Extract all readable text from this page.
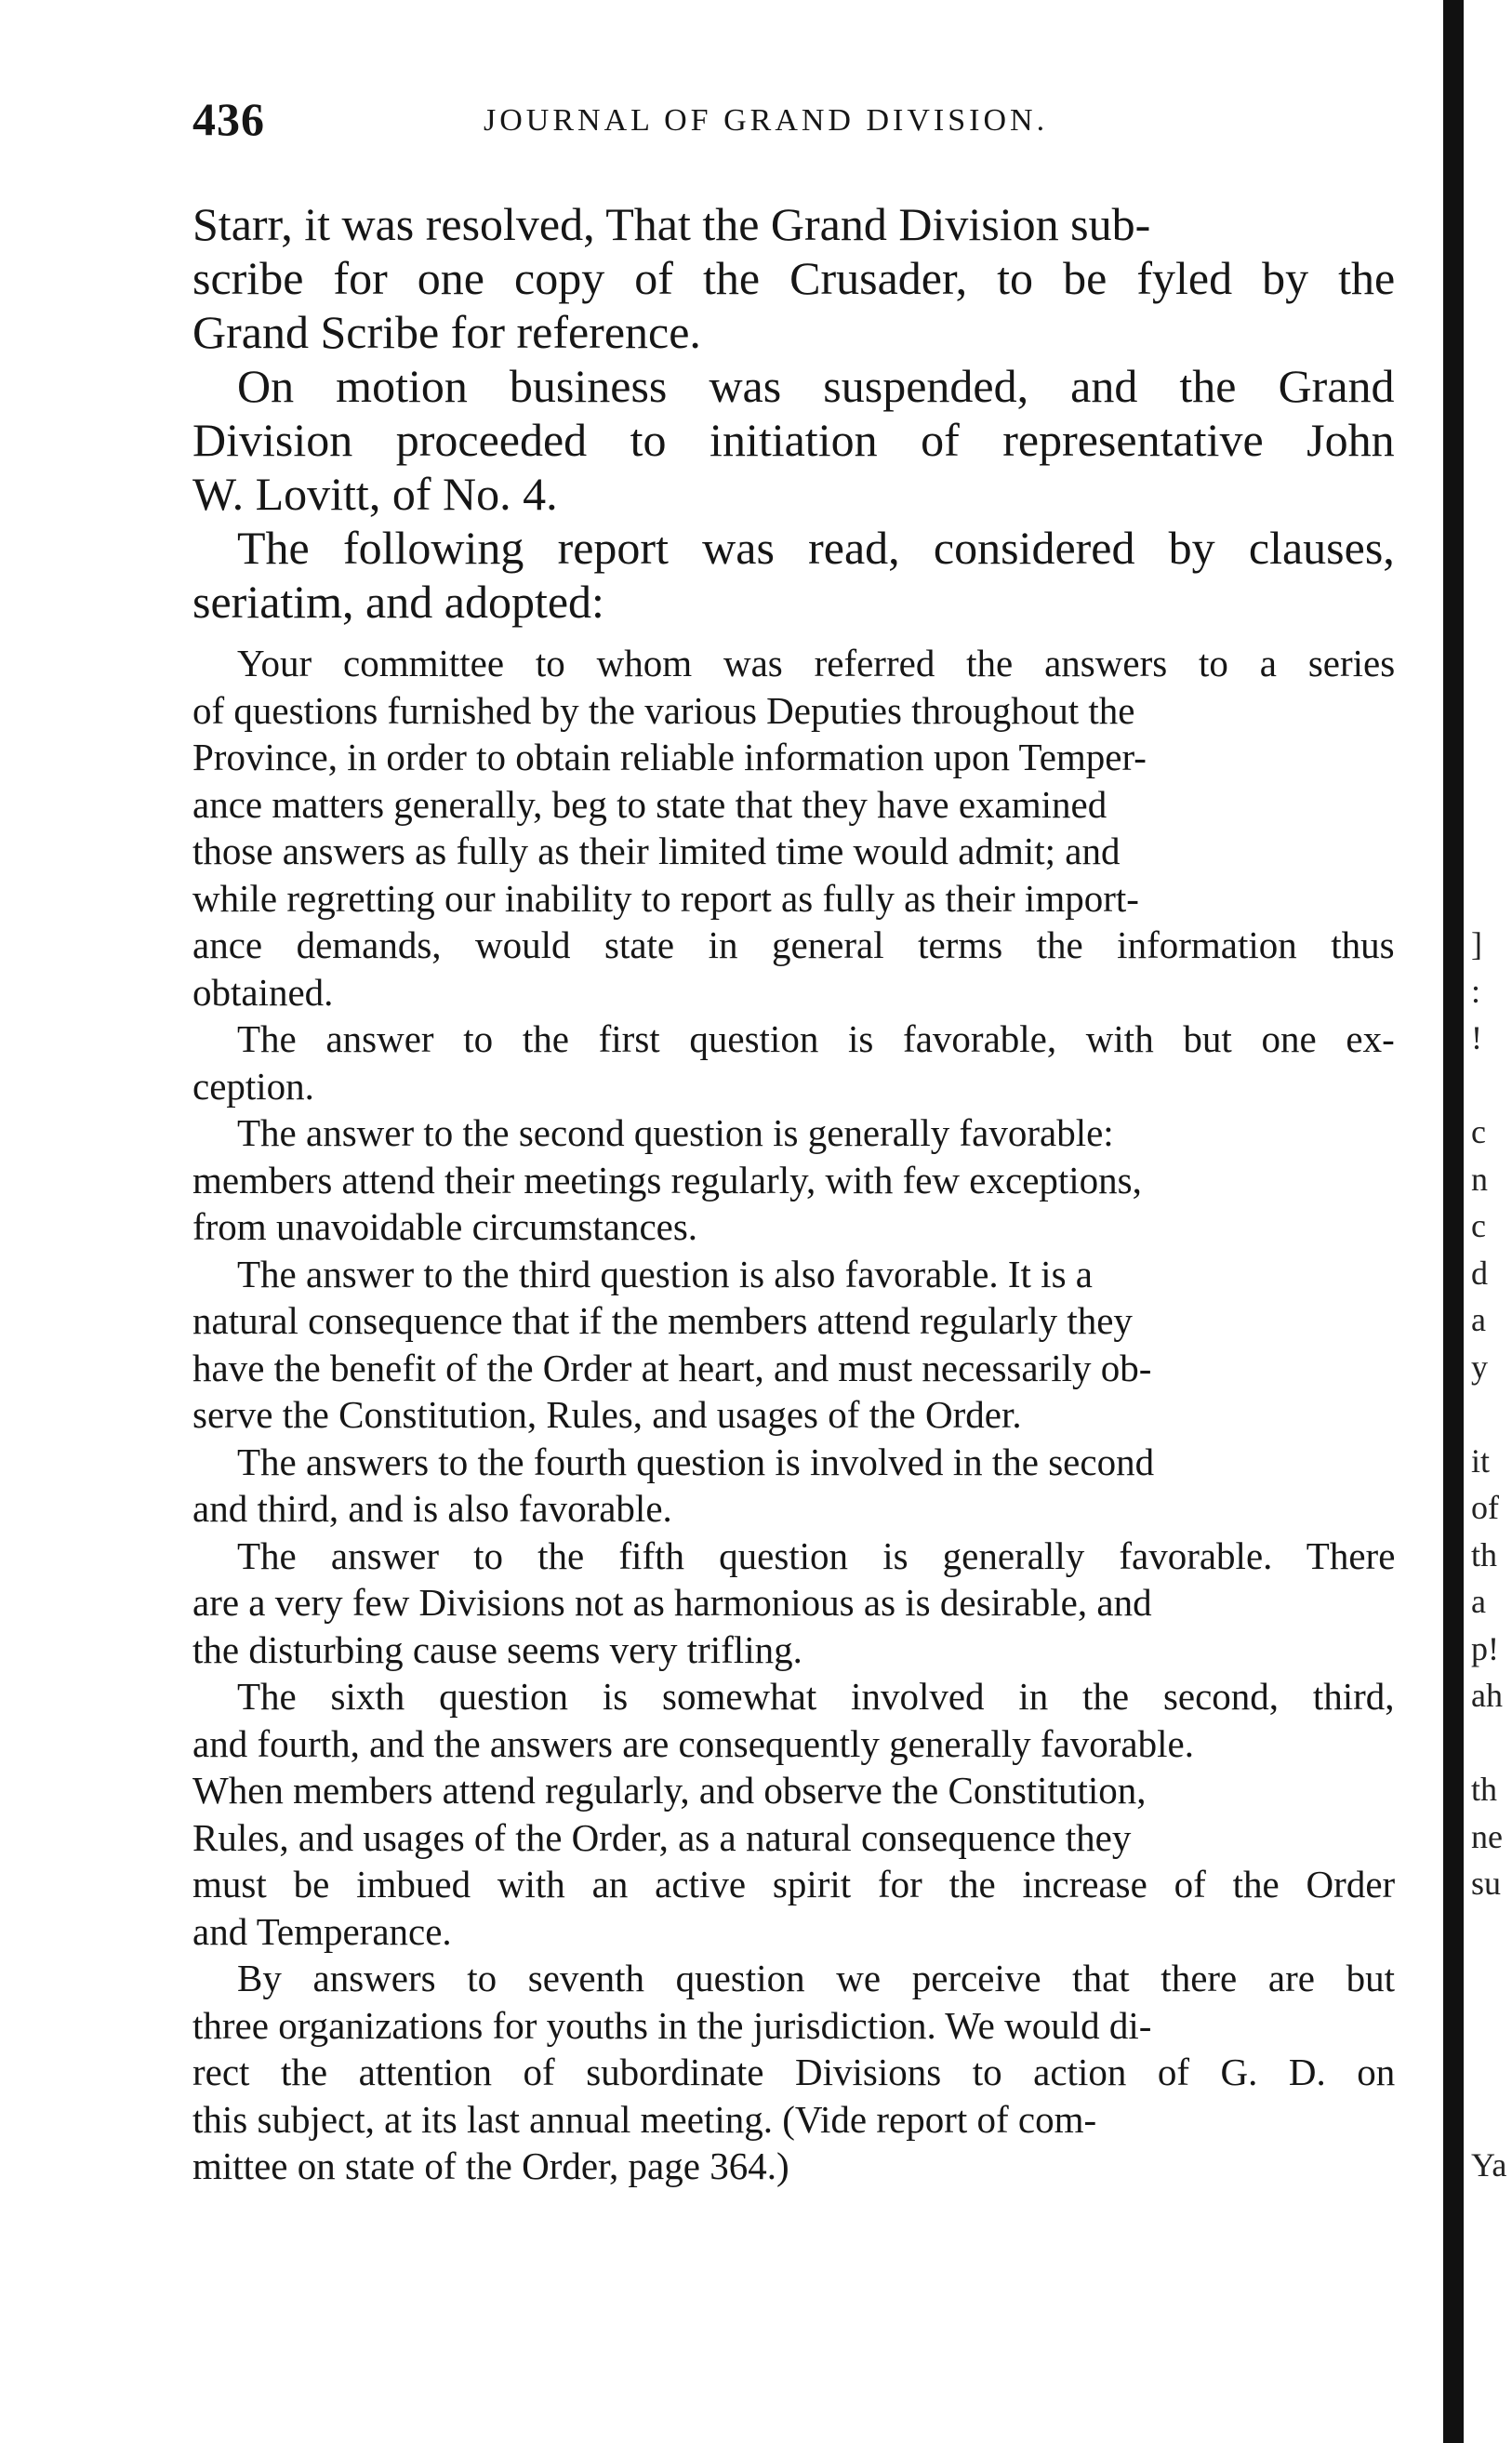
436	JOURNAL OF GRAND DIVISION.

Starr, it was resolved, That the Grand Division sub-

scribe for one copy of the Crusader, to be fyled by the

Grand Scribe for reference.

On motion business was suspended, and the Grand

Division proceeded to initiation of representative John

W. Lovitt, of No. 4.

The following report was read, considered by clauses,

seriatim, and adopted:

Your committee to whom was referred the answers to a series

of questions furnished by the various Deputies throughout the

Province, in order to obtain reliable information upon Temper-

ance matters generally, beg to state that they have examined

those answers as fully as their limited time would admit; and

while regretting our inability to report as fully as their import-

ance demands, would state in general terms the information thus

obtained.

The answer to the first question is favorable, with but one ex-

ception.

The answer to the second question is generally favorable:

members attend their meetings regularly, with few exceptions,

from unavoidable circumstances.

The answer to the third question is also favorable. It is a

natural consequence that if the members attend regularly they

have the benefit of the Order at heart, and must necessarily ob-

serve the Constitution, Rules, and usages of the Order.

The answers to the fourth question is involved in the second

and third, and is also favorable.

The answer to the fifth question is generally favorable. There

are a very few Divisions not as harmonious as is desirable, and

the disturbing cause seems very trifling.

The sixth question is somewhat involved in the second, third,

and fourth, and the answers are consequently generally favorable.

When members attend regularly, and observe the Constitution,

Rules, and usages of the Order, as a natural consequence they

must be imbued with an active spirit for the increase of the Order

and Temperance.

By answers to seventh question we perceive that there are but

three organizations for youths in the jurisdiction. We would di-

rect the attention of subordinate Divisions to action of G. D. on

this subject, at its last annual meeting. (Vide report of com-

mittee on state of the Order, page 364.)

]

:

!

c

n

c

d

a

y

it

of

th

a

p!

ah

th

ne

su

Ya
